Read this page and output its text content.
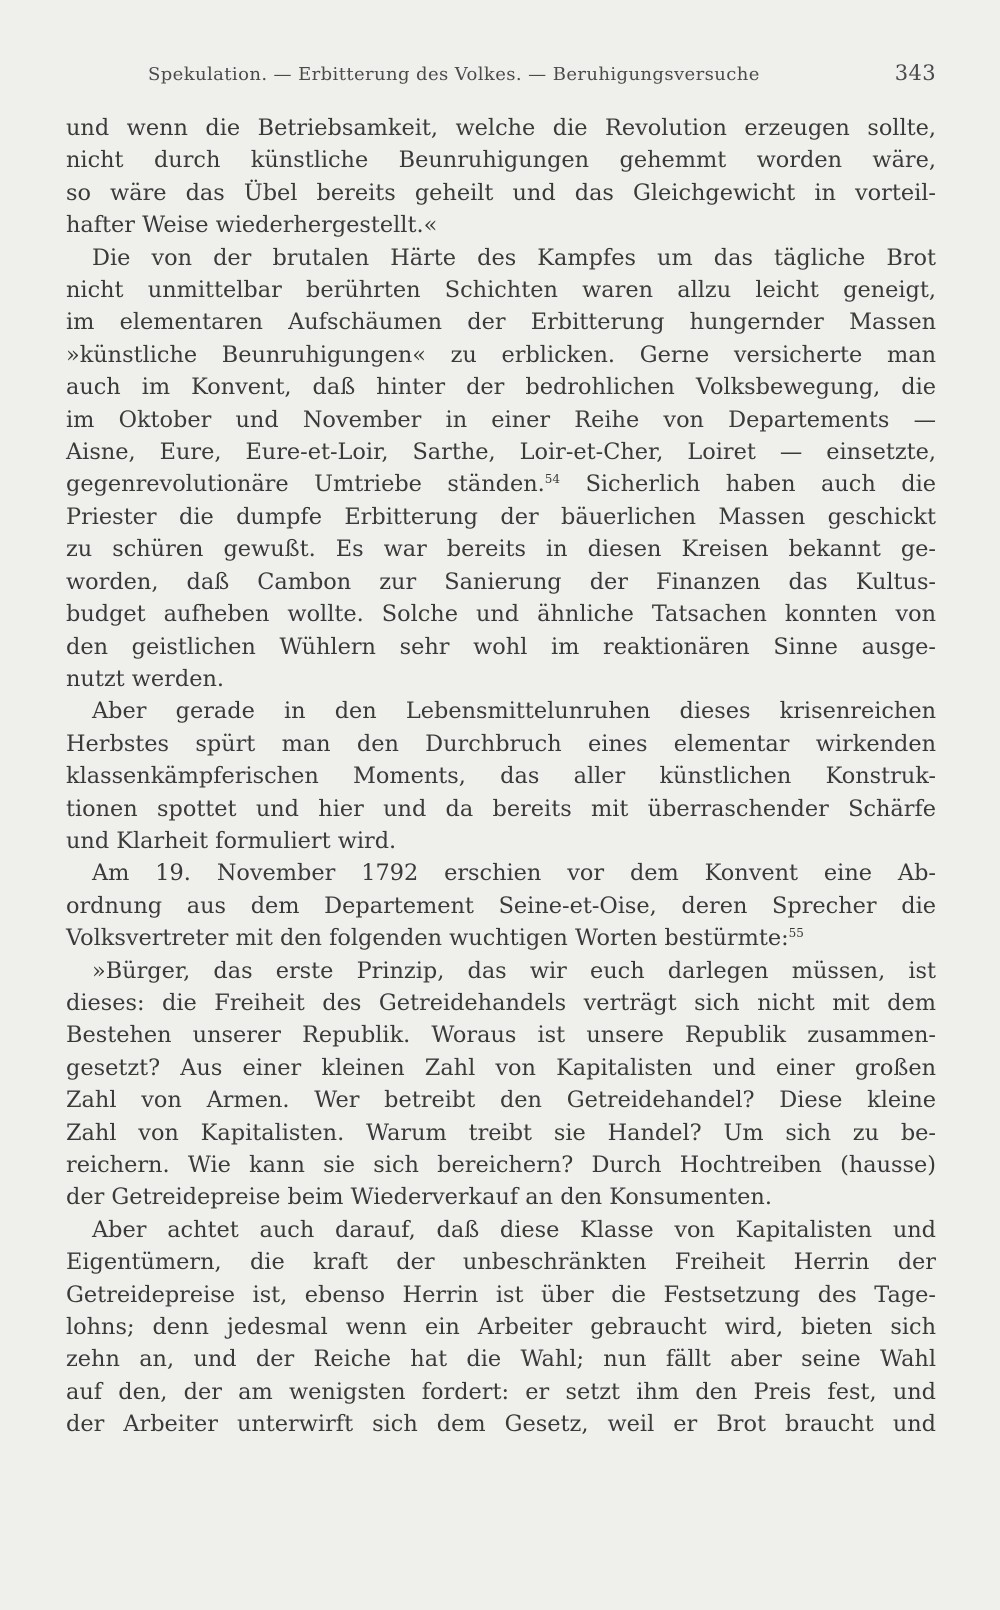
Spekulation. — Erbitterung des Volkes. — Beruhigungsversuche	343
und wenn die Betriebsamkeit, welche die Revolution erzeugen sollte,
nicht durch künstliche Beunruhigungen gehemmt worden wäre,
so wäre das Übel bereits geheilt und das Gleichgewicht in vorteil-
hafter Weise wiederhergestellt.«
Die von der brutalen Härte des Kampfes um das tägliche Brot
nicht unmittelbar berührten Schichten waren allzu leicht geneigt,
im elementaren Aufschäumen der Erbitterung hungernder Massen
»künstliche Beunruhigungen« zu erblicken. Gerne versicherte man
auch im Konvent, daß hinter der bedrohlichen Volksbewegung, die
im Oktober und November in einer Reihe von Departements —
Aisne, Eure, Eure-et-Loir, Sarthe, Loir-et-Cher, Loiret — einsetzte,
gegenrevolutionäre Umtriebe ständen.$^{54}$ Sicherlich haben auch die
Priester die dumpfe Erbitterung der bäuerlichen Massen geschickt
zu schüren gewußt. Es war bereits in diesen Kreisen bekannt ge-
worden, daß Cambon zur Sanierung der Finanzen das Kultus-
budget aufheben wollte. Solche und ähnliche Tatsachen konnten von
den geistlichen Wühlern sehr wohl im reaktionären Sinne ausge-
nutzt werden.
Aber gerade in den Lebensmittelunruhen dieses krisenreichen
Herbstes spürt man den Durchbruch eines elementar wirkenden
klassenkämpferischen Moments, das aller künstlichen Konstruk-
tionen spottet und hier und da bereits mit überraschender Schärfe
und Klarheit formuliert wird.
Am 19. November 1792 erschien vor dem Konvent eine Ab-
ordnung aus dem Departement Seine-et-Oise, deren Sprecher die
Volksvertreter mit den folgenden wuchtigen Worten bestürmte:$^{55}$
»Bürger, das erste Prinzip, das wir euch darlegen müssen, ist
dieses: die Freiheit des Getreidehandels verträgt sich nicht mit dem
Bestehen unserer Republik. Woraus ist unsere Republik zusammen-
gesetzt? Aus einer kleinen Zahl von Kapitalisten und einer großen
Zahl von Armen. Wer betreibt den Getreidehandel? Diese kleine
Zahl von Kapitalisten. Warum treibt sie Handel? Um sich zu be-
reichern. Wie kann sie sich bereichern? Durch Hochtreiben (hausse)
der Getreidepreise beim Wiederverkauf an den Konsumenten.
Aber achtet auch darauf, daß diese Klasse von Kapitalisten und
Eigentümern, die kraft der unbeschränkten Freiheit Herrin der
Getreidepreise ist, ebenso Herrin ist über die Festsetzung des Tage-
lohns; denn jedesmal wenn ein Arbeiter gebraucht wird, bieten sich
zehn an, und der Reiche hat die Wahl; nun fällt aber seine Wahl
auf den, der am wenigsten fordert: er setzt ihm den Preis fest, und
der Arbeiter unterwirft sich dem Gesetz, weil er Brot braucht und
